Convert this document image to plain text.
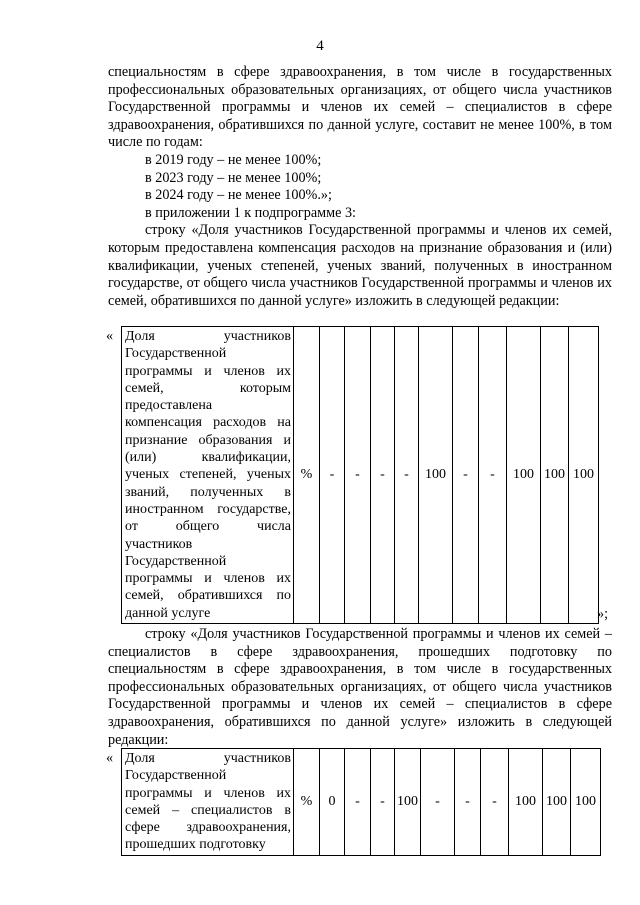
4

специальностям в сфере здравоохранения, в том числе в государственных профессиональных образовательных организациях, от общего числа участников Государственной программы и членов их семей – специалистов в сфере здравоохранения, обратившихся по данной услуге, составит не менее 100%, в том числе по годам:

в 2019 году – не менее 100%;

в 2023 году – не менее 100%;

в 2024 году – не менее 100%.»;

в приложении 1 к подпрограмме 3:

строку «Доля участников Государственной программы и членов их семей, которым предоставлена компенсация расходов на признание образования и (или) квалификации, ученых степеней, ученых званий, полученных в иностранном государстве, от общего числа участников Государственной программы и членов их семей, обратившихся по данной услуге» изложить в следующей редакции:

« Доля участников Государственной программы и членов их семей, которым предоставлена компенсация расходов на признание образования и (или) квалификации, ученых степеней, ученых званий, полученных в иностранном государстве, от общего числа участников Государственной программы и членов их семей, обратившихся по данной услуге
	%	-	-	-	-	100	-	-	100	100	100
»;

строку «Доля участников Государственной программы и членов их семей – специалистов в сфере здравоохранения, прошедших подготовку по специальностям в сфере здравоохранения, в том числе в государственных профессиональных образовательных организациях, от общего числа участников Государственной программы и членов их семей – специалистов в сфере здравоохранения, обратившихся по данной услуге» изложить в следующей редакции:

« Доля участников Государственной программы и членов их семей – специалистов в сфере здравоохранения, прошедших подготовку
	%	0	-	-	100	-	-	-	100	100	100
